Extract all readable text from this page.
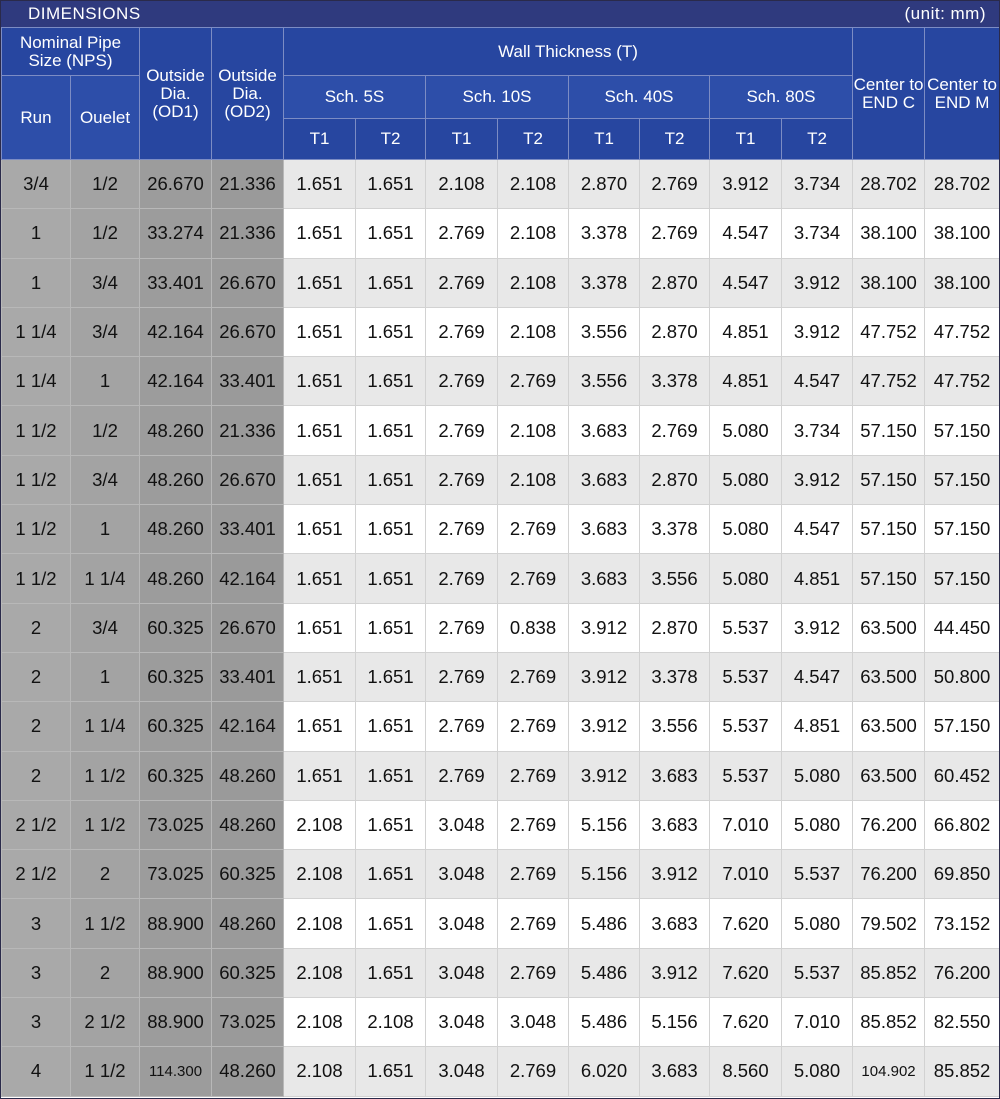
DIMENSIONS	(unit: mm)
Nominal Pipe Size (NPS)		Outside Dia. (OD1)	Outside Dia. (OD2)	Wall Thickness (T)								Center to END C	Center to END M
Run	Ouelet			Sch. 5S		Sch. 10S		Sch. 40S		Sch. 80S			
				T1	T2	T1	T2	T1	T2	T1	T2		
3/4	1/2	26.670	21.336	1.651	1.651	2.108	2.108	2.870	2.769	3.912	3.734	28.702	28.702
1	1/2	33.274	21.336	1.651	1.651	2.769	2.108	3.378	2.769	4.547	3.734	38.100	38.100
1	3/4	33.401	26.670	1.651	1.651	2.769	2.108	3.378	2.870	4.547	3.912	38.100	38.100
1 1/4	3/4	42.164	26.670	1.651	1.651	2.769	2.108	3.556	2.870	4.851	3.912	47.752	47.752
1 1/4	1	42.164	33.401	1.651	1.651	2.769	2.769	3.556	3.378	4.851	4.547	47.752	47.752
1 1/2	1/2	48.260	21.336	1.651	1.651	2.769	2.108	3.683	2.769	5.080	3.734	57.150	57.150
1 1/2	3/4	48.260	26.670	1.651	1.651	2.769	2.108	3.683	2.870	5.080	3.912	57.150	57.150
1 1/2	1	48.260	33.401	1.651	1.651	2.769	2.769	3.683	3.378	5.080	4.547	57.150	57.150
1 1/2	1 1/4	48.260	42.164	1.651	1.651	2.769	2.769	3.683	3.556	5.080	4.851	57.150	57.150
2	3/4	60.325	26.670	1.651	1.651	2.769	0.838	3.912	2.870	5.537	3.912	63.500	44.450
2	1	60.325	33.401	1.651	1.651	2.769	2.769	3.912	3.378	5.537	4.547	63.500	50.800
2	1 1/4	60.325	42.164	1.651	1.651	2.769	2.769	3.912	3.556	5.537	4.851	63.500	57.150
2	1 1/2	60.325	48.260	1.651	1.651	2.769	2.769	3.912	3.683	5.537	5.080	63.500	60.452
2 1/2	1 1/2	73.025	48.260	2.108	1.651	3.048	2.769	5.156	3.683	7.010	5.080	76.200	66.802
2 1/2	2	73.025	60.325	2.108	1.651	3.048	2.769	5.156	3.912	7.010	5.537	76.200	69.850
3	1 1/2	88.900	48.260	2.108	1.651	3.048	2.769	5.486	3.683	7.620	5.080	79.502	73.152
3	2	88.900	60.325	2.108	1.651	3.048	2.769	5.486	3.912	7.620	5.537	85.852	76.200
3	2 1/2	88.900	73.025	2.108	2.108	3.048	3.048	5.486	5.156	7.620	7.010	85.852	82.550
4	1 1/2	114.300	48.260	2.108	1.651	3.048	2.769	6.020	3.683	8.560	5.080	104.902	85.852
